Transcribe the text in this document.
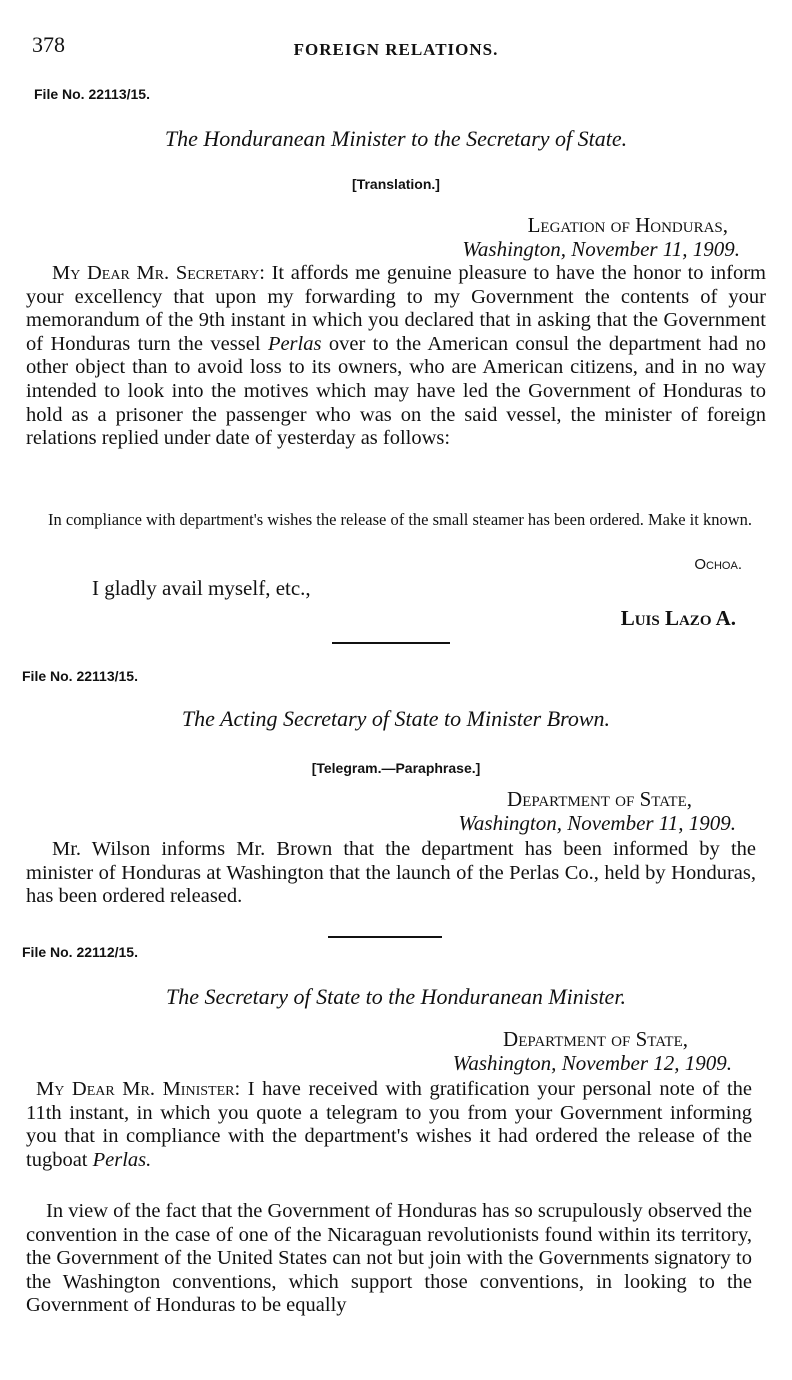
378	FOREIGN RELATIONS.
File No. 22113/15.
The Honduranean Minister to the Secretary of State.
[Translation.]
Legation of Honduras,
Washington, November 11, 1909.

My Dear Mr. Secretary: It affords me genuine pleasure to have the honor to inform your excellency that upon my forwarding to my Government the contents of your memorandum of the 9th instant in which you declared that in asking that the Government of Honduras turn the vessel Perlas over to the American consul the department had no other object than to avoid loss to its owners, who are American citizens, and in no way intended to look into the motives which may have led the Government of Honduras to hold as a prisoner the passenger who was on the said vessel, the minister of foreign relations replied under date of yesterday as follows:

In compliance with department's wishes the release of the small steamer has been ordered. Make it known.

Ochoa.
I gladly avail myself, etc.,
Luis Lazo A.
File No. 22113/15.
The Acting Secretary of State to Minister Brown.
[Telegram.—Paraphrase.]
Department of State,
Washington, November 11, 1909.

Mr. Wilson informs Mr. Brown that the department has been informed by the minister of Honduras at Washington that the launch of the Perlas Co., held by Honduras, has been ordered released.

File No. 22112/15.
The Secretary of State to the Honduranean Minister.
Department of State,
Washington, November 12, 1909.

My Dear Mr. Minister: I have received with gratification your personal note of the 11th instant, in which you quote a telegram to you from your Government informing you that in compliance with the department's wishes it had ordered the release of the tugboat Perlas.

In view of the fact that the Government of Honduras has so scrupulously observed the convention in the case of one of the Nicaraguan revolutionists found within its territory, the Government of the United States can not but join with the Governments signatory to the Washington conventions, which support those conventions, in looking to the Government of Honduras to be equally
